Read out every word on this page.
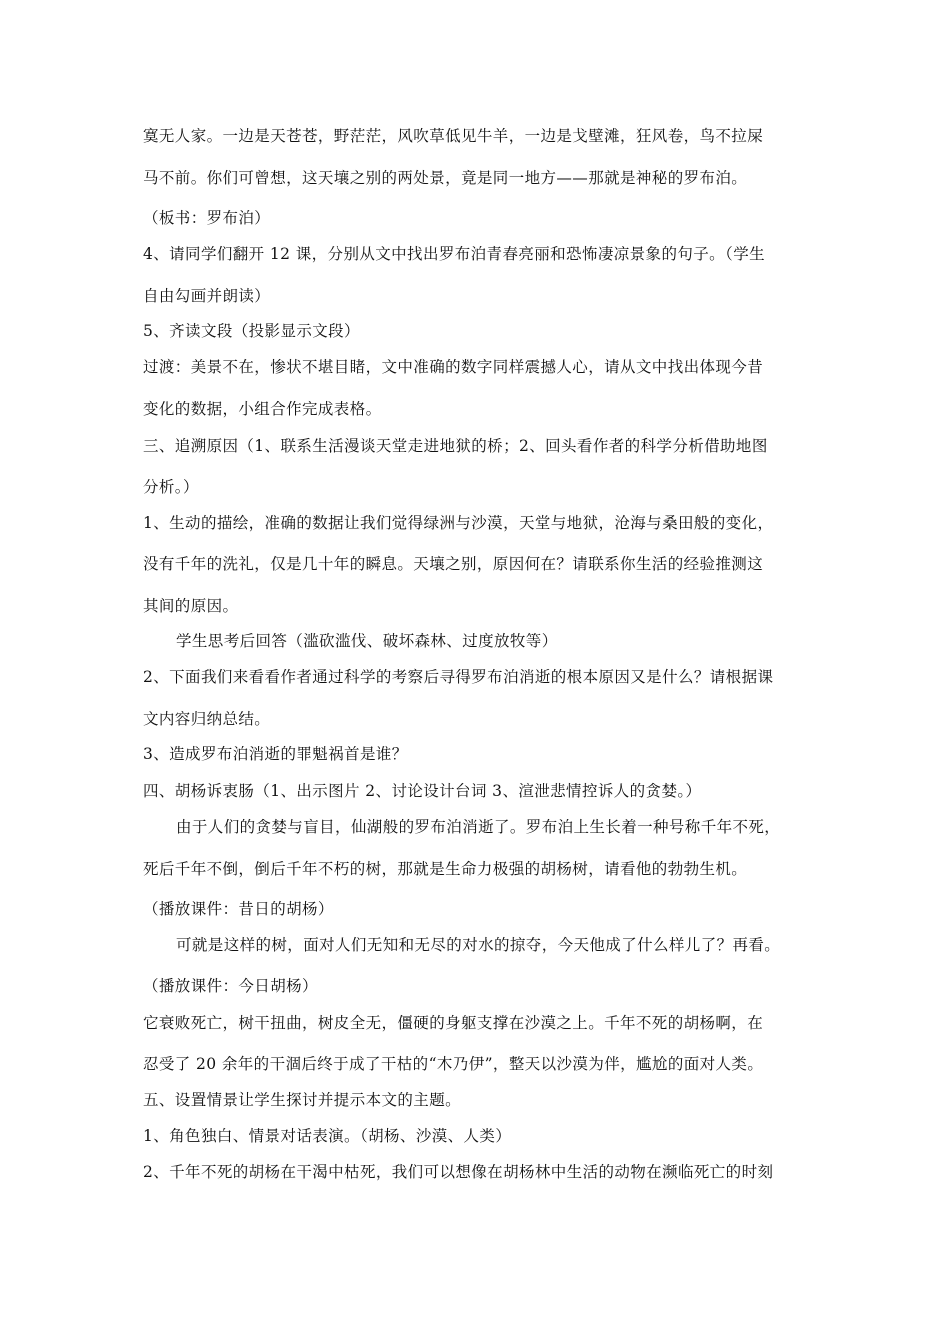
寞无人家。一边是天苍苍，野茫茫，风吹草低见牛羊，一边是戈壁滩，狂风卷，鸟不拉屎
马不前。你们可曾想，这天壤之别的两处景，竟是同一地方——那就是神秘的罗布泊。
（板书：罗布泊）
4、请同学们翻开 12 课，分别从文中找出罗布泊青春亮丽和恐怖凄凉景象的句子。（学生
自由勾画并朗读）
5、齐读文段（投影显示文段）
过渡：美景不在，惨状不堪目睹，文中准确的数字同样震撼人心，请从文中找出体现今昔
变化的数据，小组合作完成表格。
三、追溯原因（1、联系生活漫谈天堂走进地狱的桥；2、回头看作者的科学分析借助地图
分析。）
1、生动的描绘，准确的数据让我们觉得绿洲与沙漠，天堂与地狱，沧海与桑田般的变化，
没有千年的洗礼，仅是几十年的瞬息。天壤之别，原因何在？请联系你生活的经验推测这
其间的原因。
学生思考后回答（滥砍滥伐、破坏森林、过度放牧等）
2、下面我们来看看作者通过科学的考察后寻得罗布泊消逝的根本原因又是什么？请根据课
文内容归纳总结。
3、造成罗布泊消逝的罪魁祸首是谁？
四、胡杨诉衷肠（1、出示图片 2、讨论设计台词 3、渲泄悲情控诉人的贪婪。）
由于人们的贪婪与盲目，仙湖般的罗布泊消逝了。罗布泊上生长着一种号称千年不死，
死后千年不倒，倒后千年不朽的树，那就是生命力极强的胡杨树，请看他的勃勃生机。
（播放课件：昔日的胡杨）
可就是这样的树，面对人们无知和无尽的对水的掠夺，今天他成了什么样儿了？再看。
（播放课件：今日胡杨）
它衰败死亡，树干扭曲，树皮全无，僵硬的身躯支撑在沙漠之上。千年不死的胡杨啊，在
忍受了 20 余年的干涸后终于成了干枯的“木乃伊”，整天以沙漠为伴，尴尬的面对人类。
五、设置情景让学生探讨并提示本文的主题。
1、角色独白、情景对话表演。（胡杨、沙漠、人类）
2、千年不死的胡杨在干渴中枯死，我们可以想像在胡杨林中生活的动物在濒临死亡的时刻
